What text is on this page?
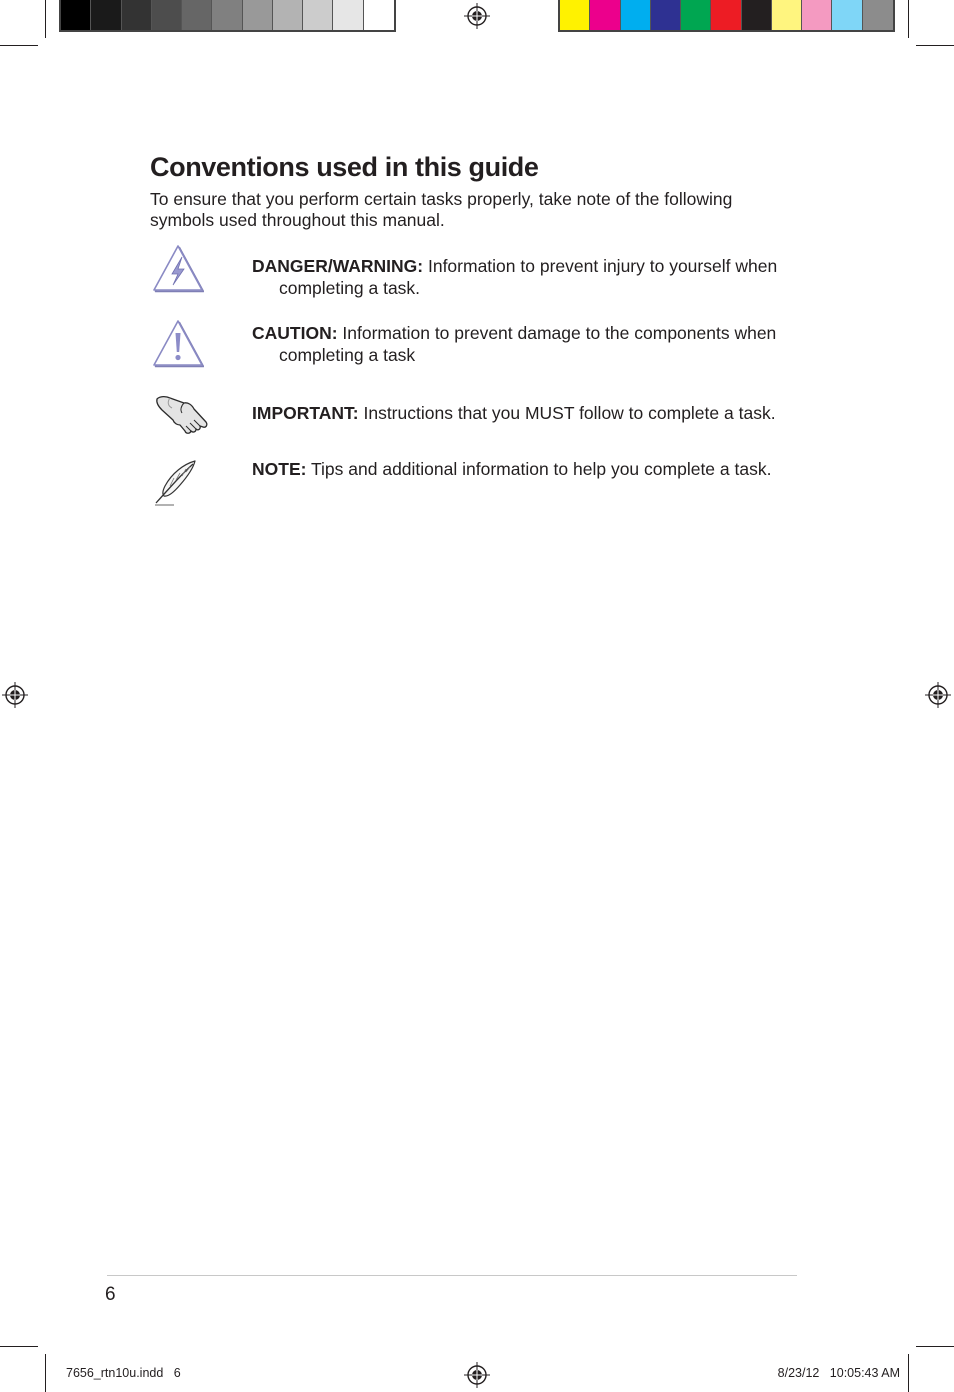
Conventions used in this guide

To ensure that you perform certain tasks properly, take note of the following
symbols used throughout this manual.

DANGER/WARNING: Information to prevent injury to yourself when
completing a task.
CAUTION: Information to prevent damage to the components when
completing a task
IMPORTANT: Instructions that you MUST follow to complete a task.
NOTE: Tips and additional information to help you complete a task.
6
7656_rtn10u.indd   6	8/23/12   10:05:43 AM
